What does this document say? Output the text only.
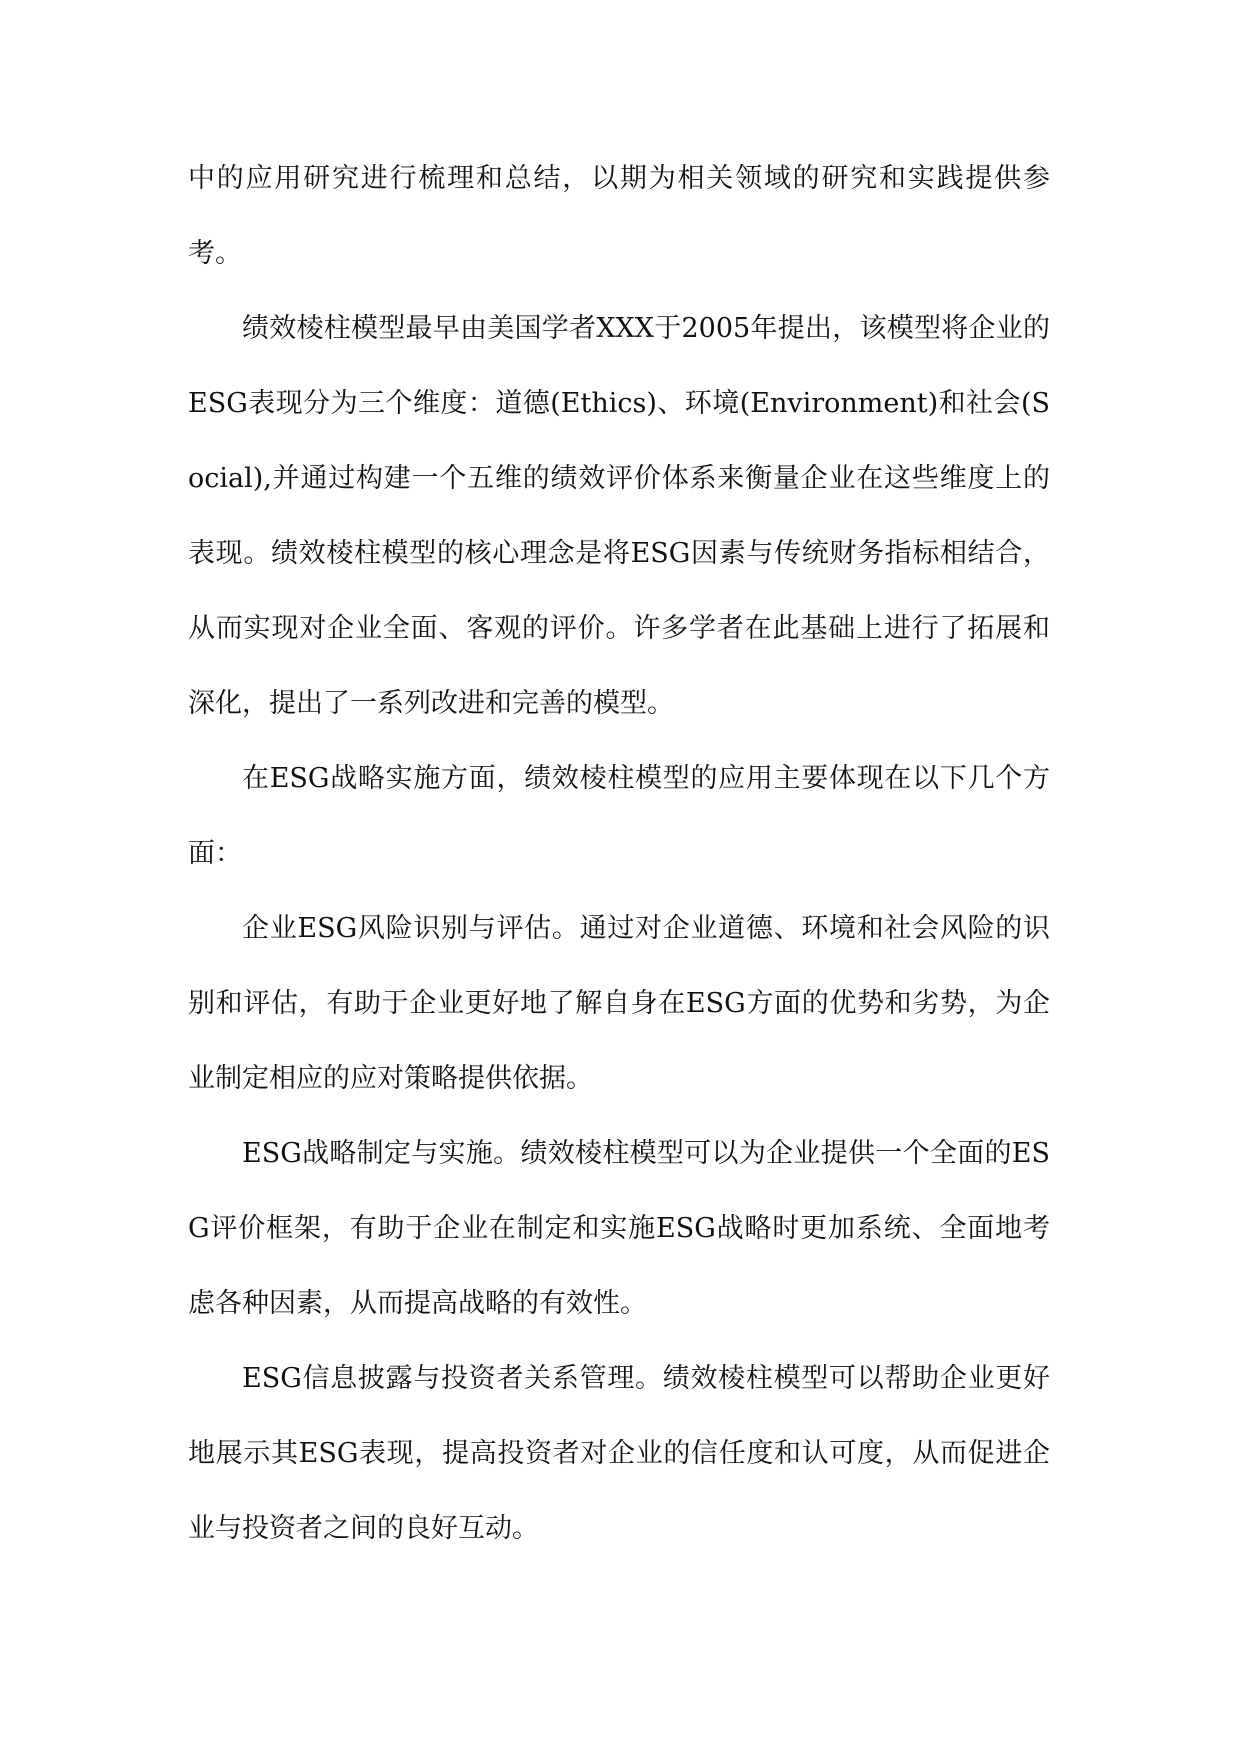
中的应用研究进行梳理和总结，以期为相关领域的研究和实践提供参考。

绩效棱柱模型最早由美国学者XXX于2005年提出，该模型将企业的ESG表现分为三个维度：道德(Ethics)、环境(Environment)和社会(Social),并通过构建一个五维的绩效评价体系来衡量企业在这些维度上的表现。绩效棱柱模型的核心理念是将ESG因素与传统财务指标相结合，从而实现对企业全面、客观的评价。许多学者在此基础上进行了拓展和深化，提出了一系列改进和完善的模型。

在ESG战略实施方面，绩效棱柱模型的应用主要体现在以下几个方面：

企业ESG风险识别与评估。通过对企业道德、环境和社会风险的识别和评估，有助于企业更好地了解自身在ESG方面的优势和劣势，为企业制定相应的应对策略提供依据。

ESG战略制定与实施。绩效棱柱模型可以为企业提供一个全面的ESG评价框架，有助于企业在制定和实施ESG战略时更加系统、全面地考虑各种因素，从而提高战略的有效性。

ESG信息披露与投资者关系管理。绩效棱柱模型可以帮助企业更好地展示其ESG表现，提高投资者对企业的信任度和认可度，从而促进企业与投资者之间的良好互动。
